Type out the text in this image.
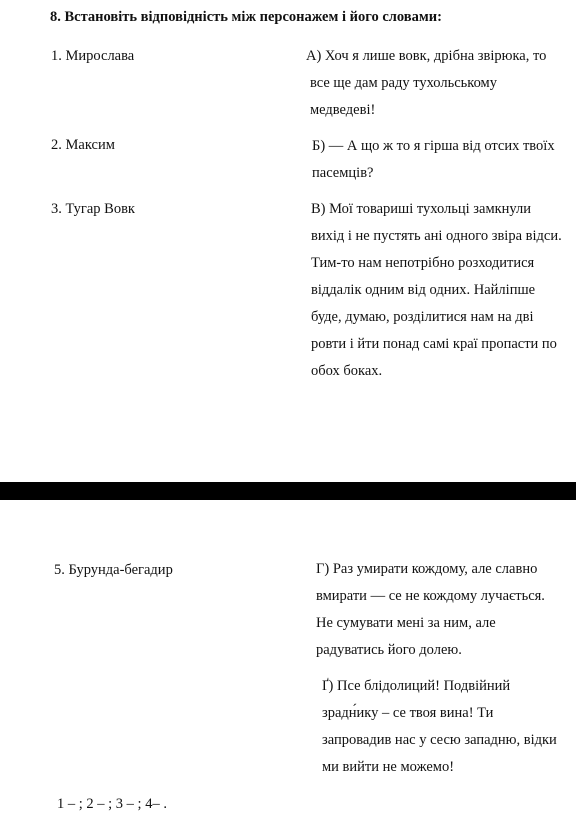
8. Встановіть відповідність між персонажем і його словами:
1. Мирослава
2. Максим
3. Тугар Вовк
5. Бурунда-бегадир
А) Хоч я лише вовк, дрібна звірюка, то
все ще дам раду тухольському
медведеві!
Б) — А що ж то я гірша від отсих твоїх
пасемців?
В) Мої товариші тухольці замкнули
вихід і не пустять ані одного звіра відси.
Тим-то нам непотрібно розходитися
віддалік одним від одних. Найліпше
буде, думаю, розділитися нам на дві
ровти і йти понад самі краї пропасти по
обох боках.
Г) Раз умирати кождому, але славно
вмирати — се не кождому лучається.
Не сумувати мені за ним, але
радуватись його долею.
Ґ) Псе блідолиций! Подвійний
зрадн́ику – се твоя вина! Ти
запровадив нас у сесю западню, відки
ми вийти не можемо!
1 – ; 2 – ; 3 – ; 4– .
